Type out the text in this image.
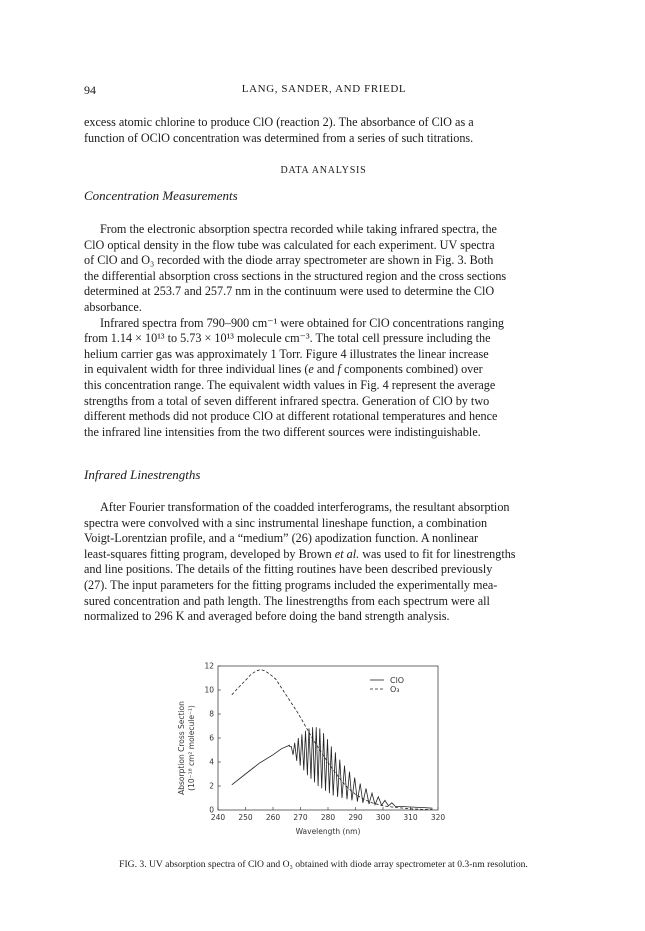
94	LANG, SANDER, AND FRIEDL

excess atomic chlorine to produce ClO (reaction 2). The absorbance of ClO as a
function of OClO concentration was determined from a series of such titrations.

DATA ANALYSIS
Concentration Measurements

From the electronic absorption spectra recorded while taking infrared spectra, the
ClO optical density in the flow tube was calculated for each experiment. UV spectra
of ClO and O₃ recorded with the diode array spectrometer are shown in Fig. 3. Both
the differential absorption cross sections in the structured region and the cross sections
determined at 253.7 and 257.7 nm in the continuum were used to determine the ClO
absorbance.

Infrared spectra from 790–900 cm⁻¹ were obtained for ClO concentrations ranging
from 1.14 × 10¹³ to 5.73 × 10¹³ molecule cm⁻³. The total cell pressure including the
helium carrier gas was approximately 1 Torr. Figure 4 illustrates the linear increase
in equivalent width for three individual lines (e and f components combined) over
this concentration range. The equivalent width values in Fig. 4 represent the average
strengths from a total of seven different infrared spectra. Generation of ClO by two
different methods did not produce ClO at different rotational temperatures and hence
the infrared line intensities from the two different sources were indistinguishable.

Infrared Linestrengths

After Fourier transformation of the coadded interferograms, the resultant absorption
spectra were convolved with a sinc instrumental lineshape function, a combination
Voigt-Lorentzian profile, and a “medium” (26) apodization function. A nonlinear
least-squares fitting program, developed by Brown et al. was used to fit for linestrengths
and line positions. The details of the fitting routines have been described previously
(27). The input parameters for the fitting programs included the experimentally mea-
sured concentration and path length. The linestrengths from each spectrum were all
normalized to 296 K and averaged before doing the band strength analysis.

240 250 260 270 280 290 300 310 320
0
2
4
6
8
10
12
ClO
O₃
Wavelength (nm)
Absorption Cross Section (10⁻¹⁸ cm² molecule⁻¹)
FIG. 3. UV absorption spectra of ClO and O₃ obtained with diode array spectrometer at 0.3-nm resolution.
